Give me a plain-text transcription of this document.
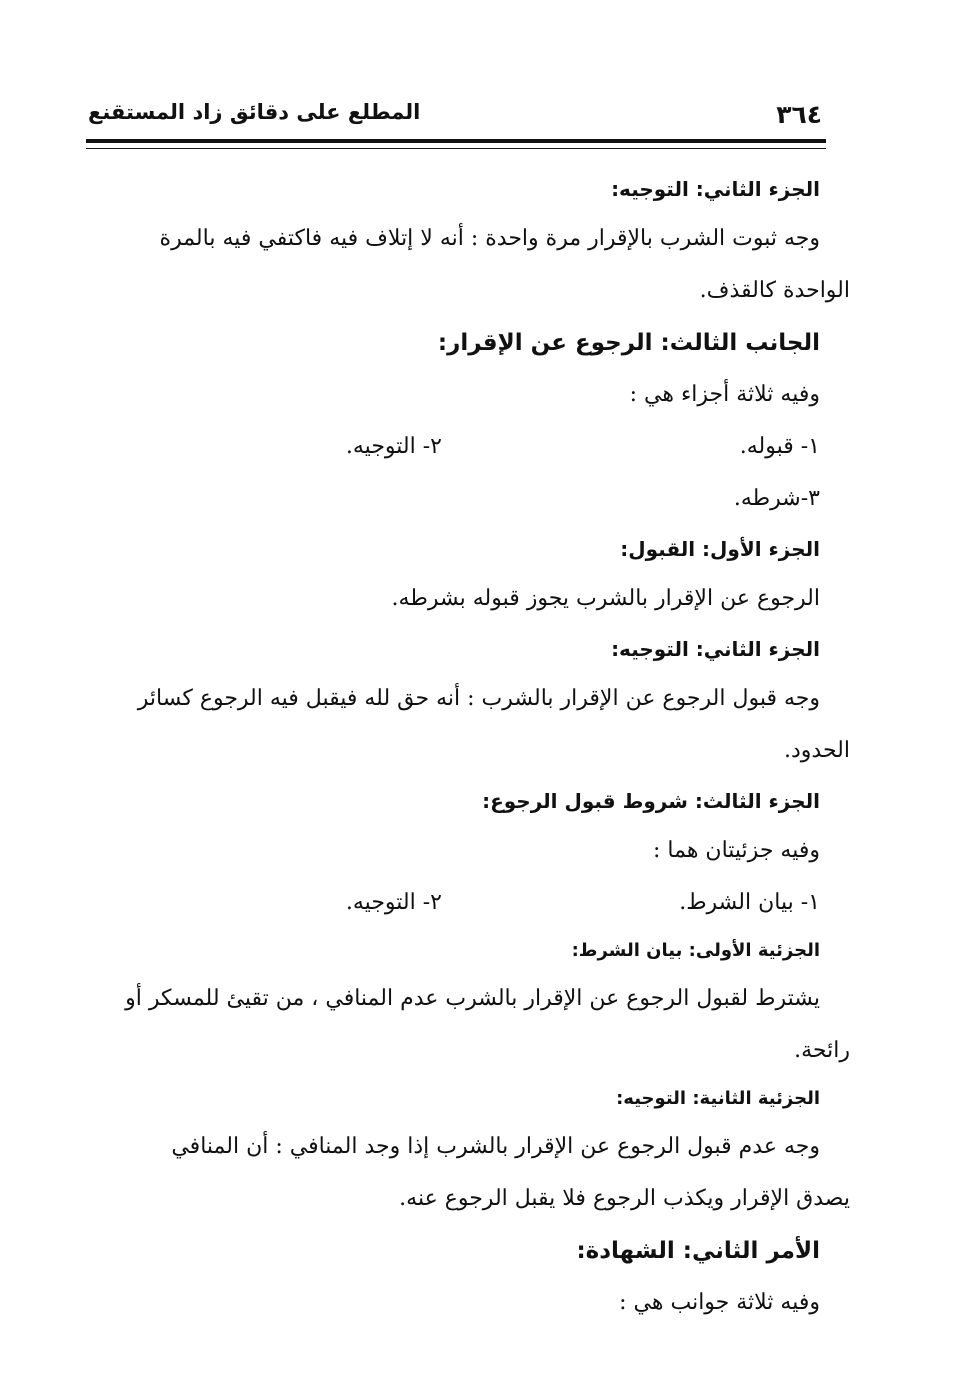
٣٦٤
المطلع على دقائق زاد المستقنع

الجزء الثاني: التوجيه:

وجه ثبوت الشرب بالإقرار مرة واحدة : أنه لا إتلاف فيه فاكتفي فيه بالمرة

الواحدة كالقذف.

الجانب الثالث: الرجوع عن الإقرار:

وفيه ثلاثة أجزاء هي :

١- قبوله.
٢- التوجيه.

٣-شرطه.

الجزء الأول: القبول:

الرجوع عن الإقرار بالشرب يجوز قبوله بشرطه.

الجزء الثاني: التوجيه:

وجه قبول الرجوع عن الإقرار بالشرب : أنه حق لله فيقبل فيه الرجوع كسائر

الحدود.

الجزء الثالث: شروط قبول الرجوع:

وفيه جزئيتان هما :

١- بيان الشرط.
٢- التوجيه.

الجزئية الأولى: بيان الشرط:

يشترط لقبول الرجوع عن الإقرار بالشرب عدم المنافي ، من تقيئ للمسكر أو

رائحة.

الجزئية الثانية: التوجيه:

وجه عدم قبول الرجوع عن الإقرار بالشرب إذا وجد المنافي : أن المنافي

يصدق الإقرار ويكذب الرجوع فلا يقبل الرجوع عنه.

الأمر الثاني: الشهادة:

وفيه ثلاثة جوانب هي :
